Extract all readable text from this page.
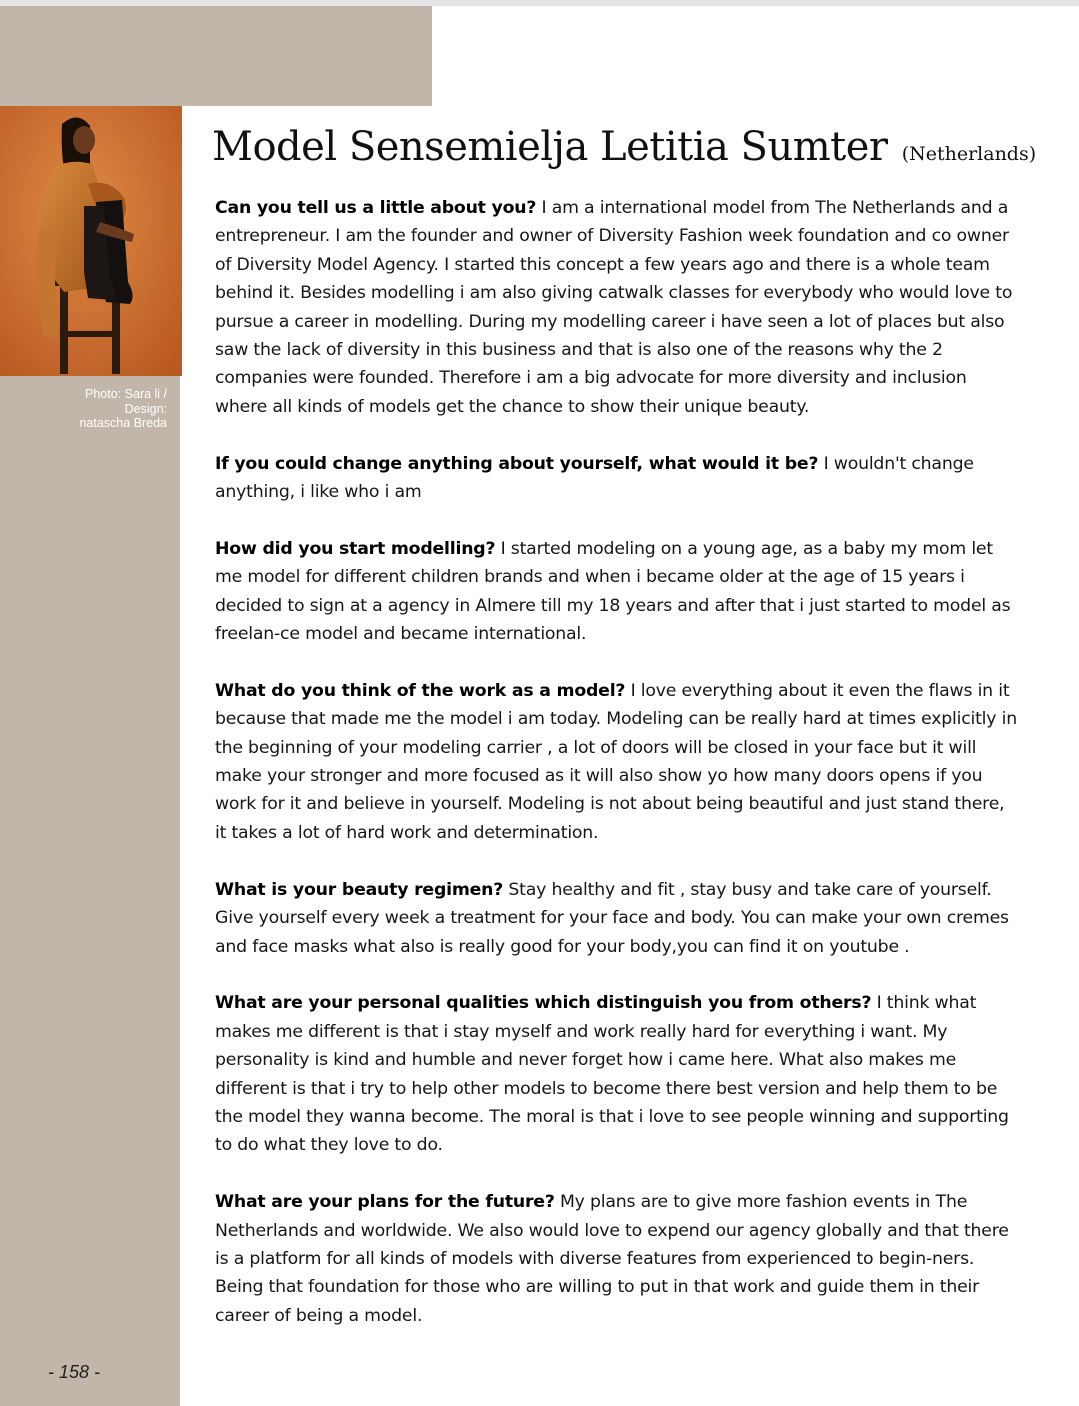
Photo: Sara li /
Design:
natascha Breda
- 158 -
Model Sensemielja Letitia Sumter (Netherlands)

Can you tell us a little about you? I am a international model from The Netherlands and a entrepreneur. I am the founder and owner of Diversity Fashion week foundation and co owner of Diversity Model Agency. I started this concept a few years ago and there is a whole team behind it. Besides modelling i am also giving catwalk classes for everybody who would love to pursue a career in modelling. During my modelling career i have seen a lot of places but also saw the lack of diversity in this business and that is also one of the reasons why the 2 companies were founded. Therefore i am a big advocate for more diversity and inclusion where all kinds of models get the chance to show their unique beauty.

If you could change anything about yourself, what would it be? I wouldn't change anything, i like who i am

How did you start modelling? I started modeling on a young age, as a baby my mom let me model for different children brands and when i became older at the age of 15 years i decided to sign at a agency in Almere till my 18 years and after that i just started to model as freelan-ce model and became international.

What do you think of the work as a model? I love everything about it even the flaws in it because that made me the model i am today. Modeling can be really hard at times explicitly in the beginning of your modeling carrier , a lot of doors will be closed in your face but it will make your stronger and more focused as it will also show yo how many doors opens if you work for it and believe in yourself. Modeling is not about being beautiful and just stand there, it takes a lot of hard work and determination.

What is your beauty regimen? Stay healthy and fit , stay busy and take care of yourself. Give yourself every week a treatment for your face and body. You can make your own cremes and face masks what also is really good for your body,you can find it on youtube .

What are your personal qualities which distinguish you from others? I think what makes me different is that i stay myself and work really hard for everything i want. My personality is kind and humble and never forget how i came here. What also makes me different is that i try to help other models to become there best version and help them to be the model they wanna become. The moral is that i love to see people winning and supporting to do what they love to do.

What are your plans for the future? My plans are to give more fashion events in The Netherlands and worldwide. We also would love to expend our agency globally and that there is a platform for all kinds of models with diverse features from experienced to begin-ners. Being that foundation for those who are willing to put in that work and guide them in their career of being a model.
